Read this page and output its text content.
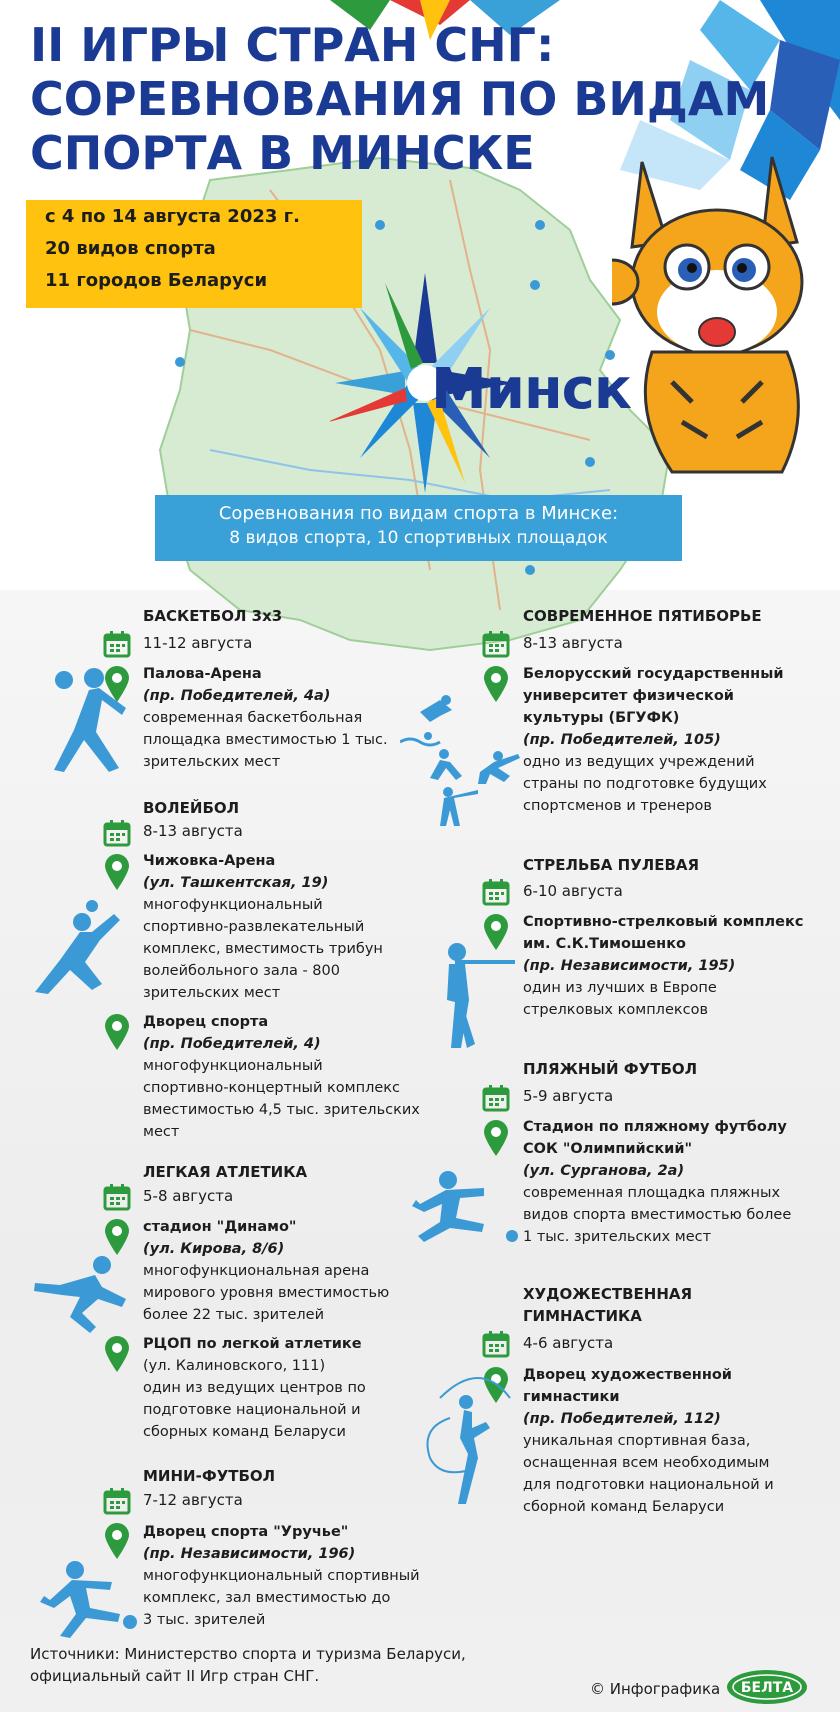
II ИГРЫ СТРАН СНГ:
СОРЕВНОВАНИЯ ПО ВИДАМ
СПОРТА В МИНСКЕ
с 4 по 14 августа 2023 г.
20 видов спорта
11 городов Беларуси
Минск
Соревнования по видам спорта в Минске:
8 видов спорта, 10 спортивных площадок
БАСКЕТБОЛ 3х3
11-12 августа
Палова-Арена
(пр. Победителей, 4а)
современная баскетбольная
площадка вместимостью 1 тыс.
зрительских мест
ВОЛЕЙБОЛ
8-13 августа
Чижовка-Арена
(ул. Ташкентская, 19)
многофункциональный
спортивно-развлекательный
комплекс, вместимость трибун
волейбольного зала - 800
зрительских мест
Дворец спорта
(пр. Победителей, 4)
многофункциональный
спортивно-концертный комплекс
вместимостью 4,5 тыс. зрительских
мест
ЛЕГКАЯ АТЛЕТИКА
5-8 августа
стадион "Динамо"
(ул. Кирова, 8/6)
многофункциональная арена
мирового уровня вместимостью
более 22 тыс. зрителей
РЦОП по легкой атлетике
(ул. Калиновского, 111)
один из ведущих центров по
подготовке национальной и
сборных команд Беларуси
МИНИ-ФУТБОЛ
7-12 августа
Дворец спорта "Уручье"
(пр. Независимости, 196)
многофункциональный спортивный
комплекс, зал вместимостью до
3 тыс. зрителей
СОВРЕМЕННОЕ ПЯТИБОРЬЕ
8-13 августа
Белорусский государственный
университет физической
культуры (БГУФК)
(пр. Победителей, 105)
одно из ведущих учреждений
страны по подготовке будущих
спортсменов и тренеров
СТРЕЛЬБА ПУЛЕВАЯ
6-10 августа
Спортивно-стрелковый комплекс
им. С.К.Тимошенко
(пр. Независимости, 195)
один из лучших в Европе
стрелковых комплексов
ПЛЯЖНЫЙ ФУТБОЛ
5-9 августа
Стадион по пляжному футболу
СОК "Олимпийский"
(ул. Сурганова, 2а)
современная площадка пляжных
видов спорта вместимостью более
1 тыс. зрительских мест
ХУДОЖЕСТВЕННАЯ
ГИМНАСТИКА
4-6 августа
Дворец художественной
гимнастики
(пр. Победителей, 112)
уникальная спортивная база,
оснащенная всем необходимым
для подготовки национальной и
сборной команд Беларуси
Источники: Министерство спорта и туризма Беларуси,
официальный сайт II Игр стран СНГ.
© Инфографика БЕЛТА
